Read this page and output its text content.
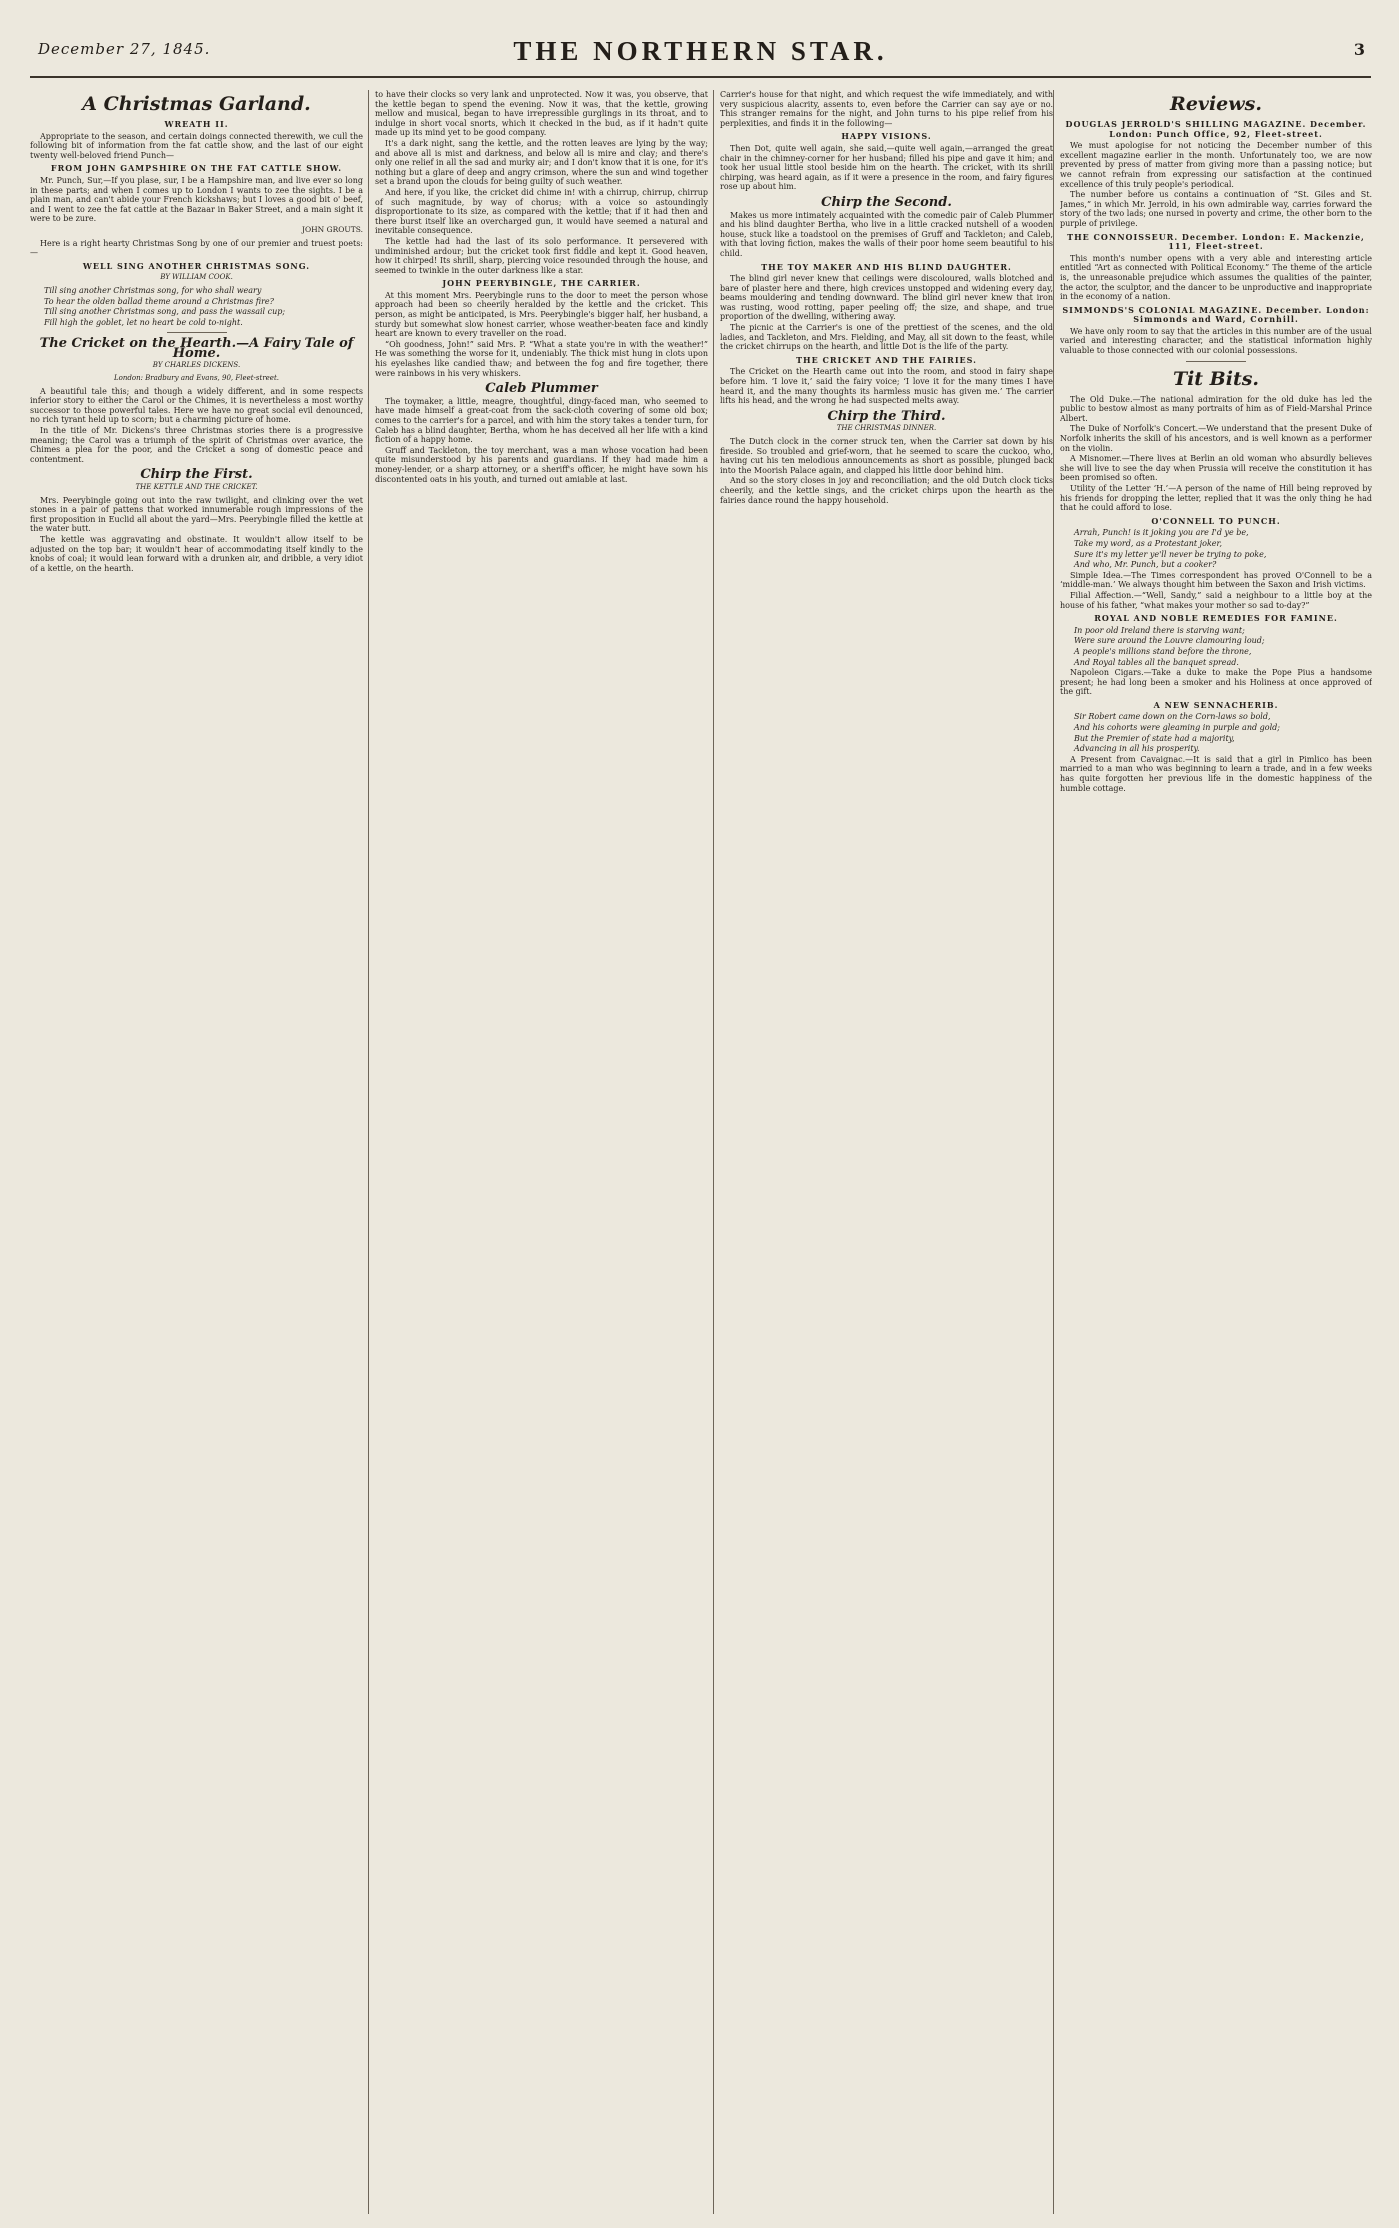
December 27, 1845.	THE NORTHERN STAR.	3
A Christmas Garland.
WREATH II.

Appropriate to the season, and certain doings connected therewith, we cull the following bit of information from the fat cattle show, and the last of our eight twenty well-beloved friend Punch—

FROM JOHN GAMPSHIRE ON THE FAT CATTLE SHOW.

Mr. Punch, Sur,—If you plase, sur, I be a Hampshire man, and live ever so long in these parts; and when I comes up to London I wants to zee the sights. I be a plain man, and can't abide your French kickshaws; but I loves a good bit o' beef, and I went to zee the fat cattle at the Bazaar in Baker Street, and a main sight it were to be zure.

JOHN GROUTS.

Here is a right hearty Christmas Song by one of our premier and truest poets:—

WELL SING ANOTHER CHRISTMAS SONG.
BY WILLIAM COOK.

Till sing another Christmas song, for who shall weary

To hear the olden ballad theme around a Christmas fire?

Till sing another Christmas song, and pass the wassail cup;

Fill high the goblet, let no heart be cold to-night.

The Cricket on the Hearth.—A Fairy Tale of Home.
BY CHARLES DICKENS.
London: Bradbury and Evans, 90, Fleet-street.

A beautiful tale this; and though a widely different, and in some respects inferior story to either the Carol or the Chimes, it is nevertheless a most worthy successor to those powerful tales. Here we have no great social evil denounced, no rich tyrant held up to scorn; but a charming picture of home.

In the title of Mr. Dickens's three Christmas stories there is a progressive meaning; the Carol was a triumph of the spirit of Christmas over avarice, the Chimes a plea for the poor, and the Cricket a song of domestic peace and contentment.

Chirp the First.
THE KETTLE AND THE CRICKET.

Mrs. Peerybingle going out into the raw twilight, and clinking over the wet stones in a pair of pattens that worked innumerable rough impressions of the first proposition in Euclid all about the yard—Mrs. Peerybingle filled the kettle at the water butt.

The kettle was aggravating and obstinate. It wouldn't allow itself to be adjusted on the top bar; it wouldn't hear of accommodating itself kindly to the knobs of coal; it would lean forward with a drunken air, and dribble, a very idiot of a kettle, on the hearth.

to have their clocks so very lank and unprotected. Now it was, you observe, that the kettle began to spend the evening. Now it was, that the kettle, growing mellow and musical, began to have irrepressible gurglings in its throat, and to indulge in short vocal snorts, which it checked in the bud, as if it hadn't quite made up its mind yet to be good company.

It's a dark night, sang the kettle, and the rotten leaves are lying by the way; and above all is mist and darkness, and below all is mire and clay; and there's only one relief in all the sad and murky air; and I don't know that it is one, for it's nothing but a glare of deep and angry crimson, where the sun and wind together set a brand upon the clouds for being guilty of such weather.

And here, if you like, the cricket did chime in! with a chirrup, chirrup, chirrup of such magnitude, by way of chorus; with a voice so astoundingly disproportionate to its size, as compared with the kettle; that if it had then and there burst itself like an overcharged gun, it would have seemed a natural and inevitable consequence.

The kettle had had the last of its solo performance. It persevered with undiminished ardour; but the cricket took first fiddle and kept it. Good heaven, how it chirped! Its shrill, sharp, piercing voice resounded through the house, and seemed to twinkle in the outer darkness like a star.

JOHN PEERYBINGLE, THE CARRIER.

At this moment Mrs. Peerybingle runs to the door to meet the person whose approach had been so cheerily heralded by the kettle and the cricket. This person, as might be anticipated, is Mrs. Peerybingle's bigger half, her husband, a sturdy but somewhat slow honest carrier, whose weather-beaten face and kindly heart are known to every traveller on the road.

“Oh goodness, John!” said Mrs. P. “What a state you're in with the weather!” He was something the worse for it, undeniably. The thick mist hung in clots upon his eyelashes like candied thaw; and between the fog and fire together, there were rainbows in his very whiskers.

Caleb Plummer

The toymaker, a little, meagre, thoughtful, dingy-faced man, who seemed to have made himself a great-coat from the sack-cloth covering of some old box; comes to the carrier's for a parcel, and with him the story takes a tender turn, for Caleb has a blind daughter, Bertha, whom he has deceived all her life with a kind fiction of a happy home.

Gruff and Tackleton, the toy merchant, was a man whose vocation had been quite misunderstood by his parents and guardians. If they had made him a money-lender, or a sharp attorney, or a sheriff's officer, he might have sown his discontented oats in his youth, and turned out amiable at last.

Carrier's house for that night, and which request the wife immediately, and with very suspicious alacrity, assents to, even before the Carrier can say aye or no. This stranger remains for the night, and John turns to his pipe relief from his perplexities, and finds it in the following—

HAPPY VISIONS.

Then Dot, quite well again, she said,—quite well again,—arranged the great chair in the chimney-corner for her husband; filled his pipe and gave it him; and took her usual little stool beside him on the hearth. The cricket, with its shrill chirping, was heard again, as if it were a presence in the room, and fairy figures rose up about him.

Chirp the Second.

Makes us more intimately acquainted with the comedic pair of Caleb Plummer and his blind daughter Bertha, who live in a little cracked nutshell of a wooden house, stuck like a toadstool on the premises of Gruff and Tackleton; and Caleb, with that loving fiction, makes the walls of their poor home seem beautiful to his child.

THE TOY MAKER AND HIS BLIND DAUGHTER.

The blind girl never knew that ceilings were discoloured, walls blotched and bare of plaster here and there, high crevices unstopped and widening every day, beams mouldering and tending downward. The blind girl never knew that iron was rusting, wood rotting, paper peeling off; the size, and shape, and true proportion of the dwelling, withering away.

The picnic at the Carrier's is one of the prettiest of the scenes, and the old ladies, and Tackleton, and Mrs. Fielding, and May, all sit down to the feast, while the cricket chirrups on the hearth, and little Dot is the life of the party.

THE CRICKET AND THE FAIRIES.

The Cricket on the Hearth came out into the room, and stood in fairy shape before him. ‘I love it,’ said the fairy voice; ‘I love it for the many times I have heard it, and the many thoughts its harmless music has given me.’ The carrier lifts his head, and the wrong he had suspected melts away.

Chirp the Third.
THE CHRISTMAS DINNER.

The Dutch clock in the corner struck ten, when the Carrier sat down by his fireside. So troubled and grief-worn, that he seemed to scare the cuckoo, who, having cut his ten melodious announcements as short as possible, plunged back into the Moorish Palace again, and clapped his little door behind him.

And so the story closes in joy and reconciliation; and the old Dutch clock ticks cheerily, and the kettle sings, and the cricket chirps upon the hearth as the fairies dance round the happy household.

Reviews.
DOUGLAS JERROLD'S SHILLING MAGAZINE. December. London: Punch Office, 92, Fleet-street.

We must apologise for not noticing the December number of this excellent magazine earlier in the month. Unfortunately too, we are now prevented by press of matter from giving more than a passing notice; but we cannot refrain from expressing our satisfaction at the continued excellence of this truly people's periodical.

The number before us contains a continuation of “St. Giles and St. James,” in which Mr. Jerrold, in his own admirable way, carries forward the story of the two lads; one nursed in poverty and crime, the other born to the purple of privilege.

THE CONNOISSEUR. December. London: E. Mackenzie, 111, Fleet-street.

This month's number opens with a very able and interesting article entitled “Art as connected with Political Economy.” The theme of the article is, the unreasonable prejudice which assumes the qualities of the painter, the actor, the sculptor, and the dancer to be unproductive and inappropriate in the economy of a nation.

SIMMONDS'S COLONIAL MAGAZINE. December. London: Simmonds and Ward, Cornhill.

We have only room to say that the articles in this number are of the usual varied and interesting character, and the statistical information highly valuable to those connected with our colonial possessions.

Tit Bits.

The Old Duke.—The national admiration for the old duke has led the public to bestow almost as many portraits of him as of Field-Marshal Prince Albert.

The Duke of Norfolk's Concert.—We understand that the present Duke of Norfolk inherits the skill of his ancestors, and is well known as a performer on the violin.

A Misnomer.—There lives at Berlin an old woman who absurdly believes she will live to see the day when Prussia will receive the constitution it has been promised so often.

Utility of the Letter ‘H.’—A person of the name of Hill being reproved by his friends for dropping the letter, replied that it was the only thing he had that he could afford to lose.

O'CONNELL TO PUNCH.

Arrah, Punch! is it joking you are I'd ye be,

Take my word, as a Protestant joker,

Sure it's my letter ye'll never be trying to poke,

And who, Mr. Punch, but a cooker?

Simple Idea.—The Times correspondent has proved O'Connell to be a ‘middle-man.’ We always thought him between the Saxon and Irish victims.

Filial Affection.—“Well, Sandy,” said a neighbour to a little boy at the house of his father, “what makes your mother so sad to-day?”

ROYAL AND NOBLE REMEDIES FOR FAMINE.

In poor old Ireland there is starving want;

Were sure around the Louvre clamouring loud;

A people's millions stand before the throne,

And Royal tables all the banquet spread.

Napoleon Cigars.—Take a duke to make the Pope Pius a handsome present; he had long been a smoker and his Holiness at once approved of the gift.

A NEW SENNACHERIB.

Sir Robert came down on the Corn-laws so bold,

And his cohorts were gleaming in purple and gold;

But the Premier of state had a majority,

Advancing in all his prosperity.

A Present from Cavaignac.—It is said that a girl in Pimlico has been married to a man who was beginning to learn a trade, and in a few weeks has quite forgotten her previous life in the domestic happiness of the humble cottage.
